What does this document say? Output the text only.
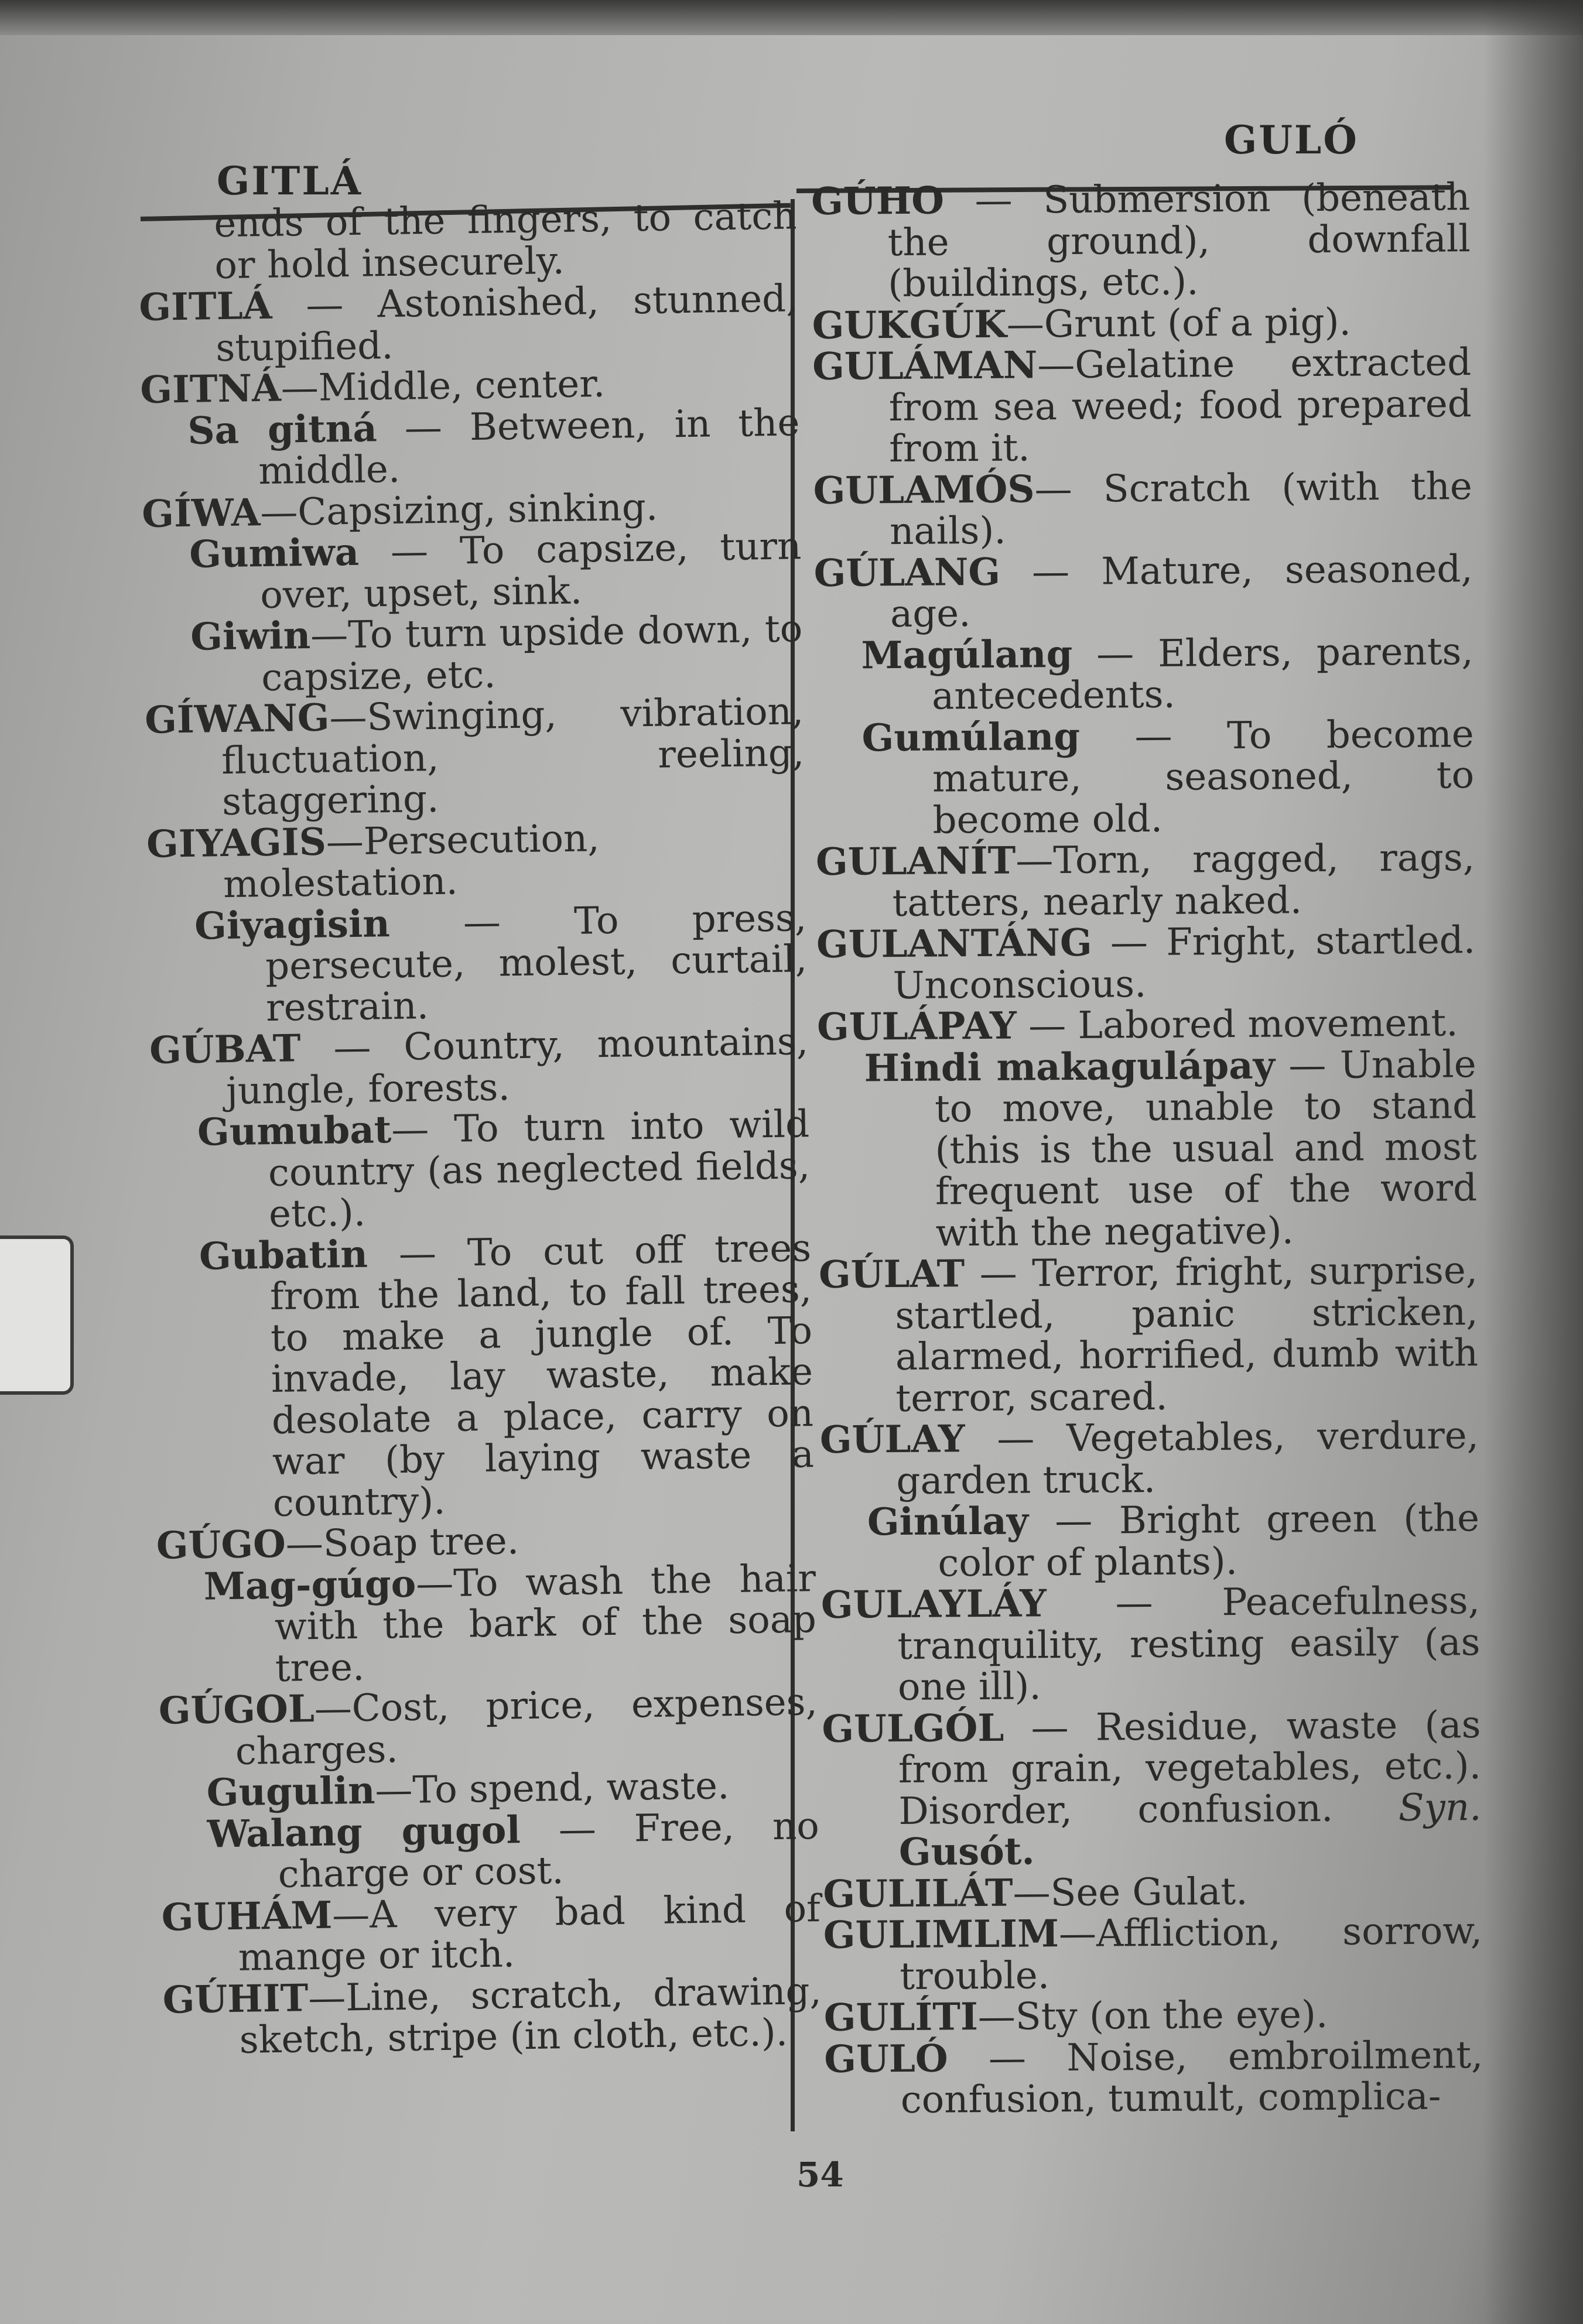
GITLÁ
GULÓ

ends of the fingers, to catch or hold insecurely.

GITLÁ — Astonished, stunned, stupified.

GITNÁ—Middle, center.

Sa gitná — Between, in the middle.

GÍWA—Capsizing, sinking.

Gumiwa — To capsize, turn over, upset, sink.

Giwin—To turn upside down, to capsize, etc.

GÍWANG—Swinging, vibration, fluctuation, reeling, staggering.

GIYAGIS—Persecution, molestation.

Giyagisin — To press, persecute, molest, curtail, restrain.

GÚBAT — Country, mountains, jungle, forests.

Gumubat— To turn into wild country (as neglected fields, etc.).

Gubatin — To cut off trees from the land, to fall trees, to make a jungle of. To invade, lay waste, make desolate a place, carry on war (by laying waste a country).

GÚGO—Soap tree.

Mag-gúgo—To wash the hair with the bark of the soap tree.

GÚGOL—Cost, price, expenses, charges.

Gugulin—To spend, waste.

Walang gugol — Free, no charge or cost.

GUHÁM—A very bad kind of mange or itch.

GÚHIT—Line, scratch, drawing, sketch, stripe (in cloth, etc.).

GÚHO — Submersion (beneath the ground), downfall (buildings, etc.).

GUKGÚK—Grunt (of a pig).

GULÁMAN—Gelatine extracted from sea weed; food prepared from it.

GULAMÓS— Scratch (with the nails).

GÚLANG — Mature, seasoned, age.

Magúlang — Elders, parents, antecedents.

Gumúlang — To become mature, seasoned, to become old.

GULANÍT—Torn, ragged, rags, tatters, nearly naked.

GULANTÁNG — Fright, startled. Unconscious.

GULÁPAY — Labored movement.

Hindi makagulápay — Unable to move, unable to stand (this is the usual and most frequent use of the word with the negative).

GÚLAT — Terror, fright, surprise, startled, panic stricken, alarmed, horrified, dumb with terror, scared.

GÚLAY — Vegetables, verdure, garden truck.

Ginúlay — Bright green (the color of plants).

GULAYLÁY — Peacefulness, tranquility, resting easily (as one ill).

GULGÓL — Residue, waste (as from grain, vegetables, etc.). Disorder, confusion. Syn. Gusót.

GULILÁT—See Gulat.

GULIMLIM—Affliction, sorrow, trouble.

GULÍTI—Sty (on the eye).

GULÓ — Noise, embroilment, confusion, tumult, complica-

54
